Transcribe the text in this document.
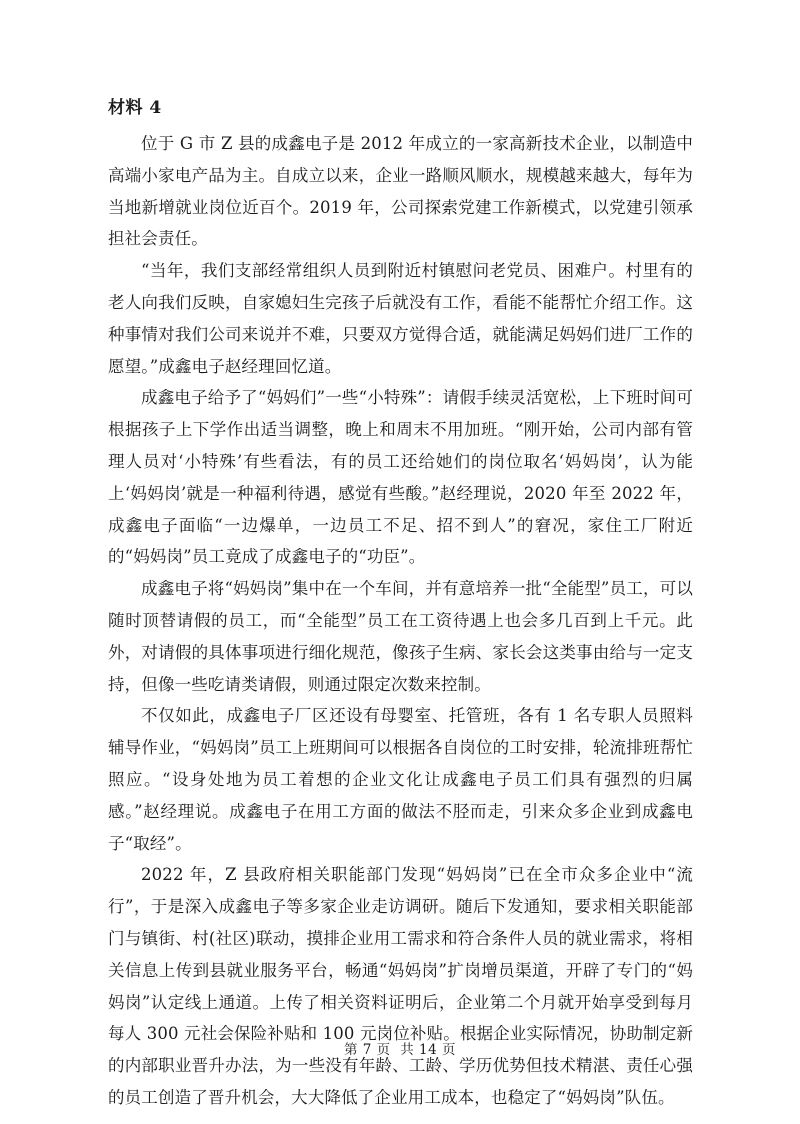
材料 4

位于 G 市 Z 县的成鑫电子是 2012 年成立的一家高新技术企业，以制造中高端小家电产品为主。自成立以来，企业一路顺风顺水，规模越来越大，每年为当地新增就业岗位近百个。2019 年，公司探索党建工作新模式，以党建引领承担社会责任。

“当年，我们支部经常组织人员到附近村镇慰问老党员、困难户。村里有的老人向我们反映，自家媳妇生完孩子后就没有工作，看能不能帮忙介绍工作。这种事情对我们公司来说并不难，只要双方觉得合适，就能满足妈妈们进厂工作的愿望。”成鑫电子赵经理回忆道。

成鑫电子给予了“妈妈们”一些“小特殊”：请假手续灵活宽松，上下班时间可根据孩子上下学作出适当调整，晚上和周末不用加班。“刚开始，公司内部有管理人员对‘小特殊’有些看法，有的员工还给她们的岗位取名‘妈妈岗’，认为能上‘妈妈岗’就是一种福利待遇，感觉有些酸。”赵经理说，2020 年至 2022 年，成鑫电子面临“一边爆单，一边员工不足、招不到人”的窘况，家住工厂附近的“妈妈岗”员工竟成了成鑫电子的“功臣”。

成鑫电子将“妈妈岗”集中在一个车间，并有意培养一批“全能型”员工，可以随时顶替请假的员工，而“全能型”员工在工资待遇上也会多几百到上千元。此外，对请假的具体事项进行细化规范，像孩子生病、家长会这类事由给与一定支持，但像一些吃请类请假，则通过限定次数来控制。

不仅如此，成鑫电子厂区还设有母婴室、托管班，各有 1 名专职人员照料辅导作业，“妈妈岗”员工上班期间可以根据各自岗位的工时安排，轮流排班帮忙照应。“设身处地为员工着想的企业文化让成鑫电子员工们具有强烈的归属感。”赵经理说。成鑫电子在用工方面的做法不胫而走，引来众多企业到成鑫电子“取经”。

2022 年，Z 县政府相关职能部门发现“妈妈岗”已在全市众多企业中“流行”，于是深入成鑫电子等多家企业走访调研。随后下发通知，要求相关职能部门与镇街、村(社区)联动，摸排企业用工需求和符合条件人员的就业需求，将相关信息上传到县就业服务平台，畅通“妈妈岗”扩岗增员渠道，开辟了专门的“妈妈岗”认定线上通道。上传了相关资料证明后，企业第二个月就开始享受到每月每人 300 元社会保险补贴和 100 元岗位补贴。根据企业实际情况，协助制定新的内部职业晋升办法，为一些没有年龄、工龄、学历优势但技术精湛、责任心强的员工创造了晋升机会，大大降低了企业用工成本，也稳定了“妈妈岗”队伍。

第 7 页  共 14 页
